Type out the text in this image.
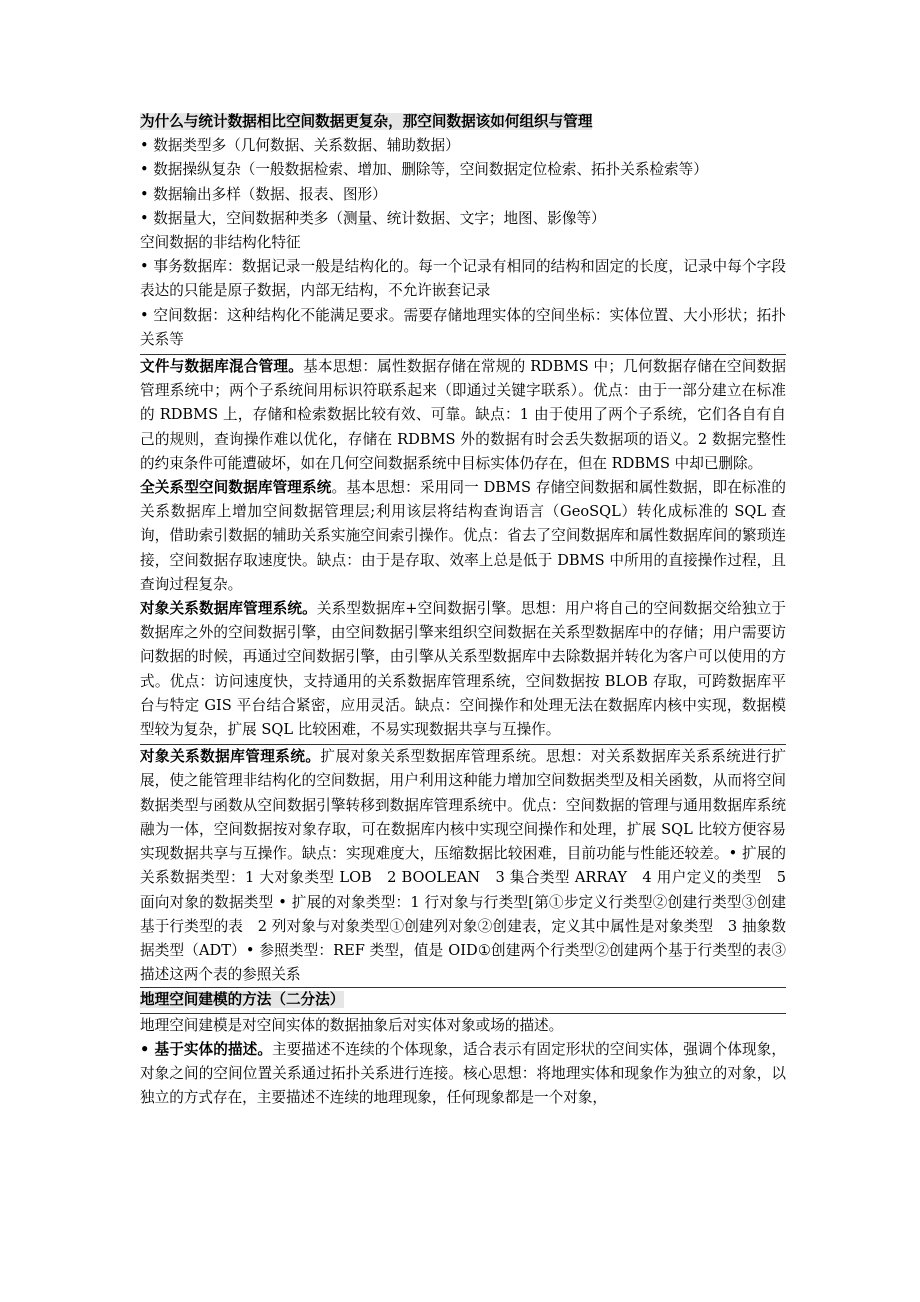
为什么与统计数据相比空间数据更复杂，那空间数据该如何组织与管理

• 数据类型多（几何数据、关系数据、辅助数据）

• 数据操纵复杂（一般数据检索、增加、删除等，空间数据定位检索、拓扑关系检索等）

• 数据输出多样（数据、报表、图形）

• 数据量大，空间数据种类多（测量、统计数据、文字；地图、影像等）

空间数据的非结构化特征

• 事务数据库：数据记录一般是结构化的。每一个记录有相同的结构和固定的长度，记录中每个字段表达的只能是原子数据，内部无结构，不允许嵌套记录

• 空间数据：这种结构化不能满足要求。需要存储地理实体的空间坐标：实体位置、大小形状；拓扑关系等

文件与数据库混合管理。基本思想：属性数据存储在常规的 RDBMS 中；几何数据存储在空间数据管理系统中；两个子系统间用标识符联系起来（即通过关键字联系）。优点：由于一部分建立在标准的 RDBMS 上，存储和检索数据比较有效、可靠。缺点：1 由于使用了两个子系统，它们各自有自己的规则，查询操作难以优化，存储在 RDBMS 外的数据有时会丢失数据项的语义。2 数据完整性的约束条件可能遭破坏，如在几何空间数据系统中目标实体仍存在，但在 RDBMS 中却已删除。

全关系型空间数据库管理系统。基本思想：采用同一 DBMS 存储空间数据和属性数据，即在标准的关系数据库上增加空间数据管理层;利用该层将结构查询语言（GeoSQL）转化成标准的 SQL 查询，借助索引数据的辅助关系实施空间索引操作。优点：省去了空间数据库和属性数据库间的繁琐连接，空间数据存取速度快。缺点：由于是存取、效率上总是低于 DBMS 中所用的直接操作过程，且查询过程复杂。

对象关系数据库管理系统。关系型数据库+空间数据引擎。思想：用户将自己的空间数据交给独立于数据库之外的空间数据引擎，由空间数据引擎来组织空间数据在关系型数据库中的存储；用户需要访问数据的时候，再通过空间数据引擎，由引擎从关系型数据库中去除数据并转化为客户可以使用的方式。优点：访问速度快，支持通用的关系数据库管理系统，空间数据按 BLOB 存取，可跨数据库平台与特定 GIS 平台结合紧密，应用灵活。缺点：空间操作和处理无法在数据库内核中实现，数据模型较为复杂，扩展 SQL 比较困难，不易实现数据共享与互操作。

对象关系数据库管理系统。扩展对象关系型数据库管理系统。思想：对关系数据库关系系统进行扩展，使之能管理非结构化的空间数据，用户利用这种能力增加空间数据类型及相关函数，从而将空间数据类型与函数从空间数据引擎转移到数据库管理系统中。优点：空间数据的管理与通用数据库系统融为一体，空间数据按对象存取，可在数据库内核中实现空间操作和处理，扩展 SQL 比较方便容易实现数据共享与互操作。缺点：实现难度大，压缩数据比较困难，目前功能与性能还较差。• 扩展的关系数据类型：1 大对象类型 LOB　2 BOOLEAN　3 集合类型 ARRAY　4 用户定义的类型　5 面向对象的数据类型 • 扩展的对象类型：1 行对象与行类型[第①步定义行类型②创建行类型③创建基于行类型的表　2 列对象与对象类型①创建列对象②创建表，定义其中属性是对象类型　3 抽象数据类型（ADT）• 参照类型：REF 类型，值是 OID①创建两个行类型②创建两个基于行类型的表③描述这两个表的参照关系

地理空间建模的方法（二分法）

地理空间建模是对空间实体的数据抽象后对实体对象或场的描述。

• 基于实体的描述。主要描述不连续的个体现象，适合表示有固定形状的空间实体，强调个体现象，对象之间的空间位置关系通过拓扑关系进行连接。核心思想：将地理实体和现象作为独立的对象，以独立的方式存在，主要描述不连续的地理现象，任何现象都是一个对象，
